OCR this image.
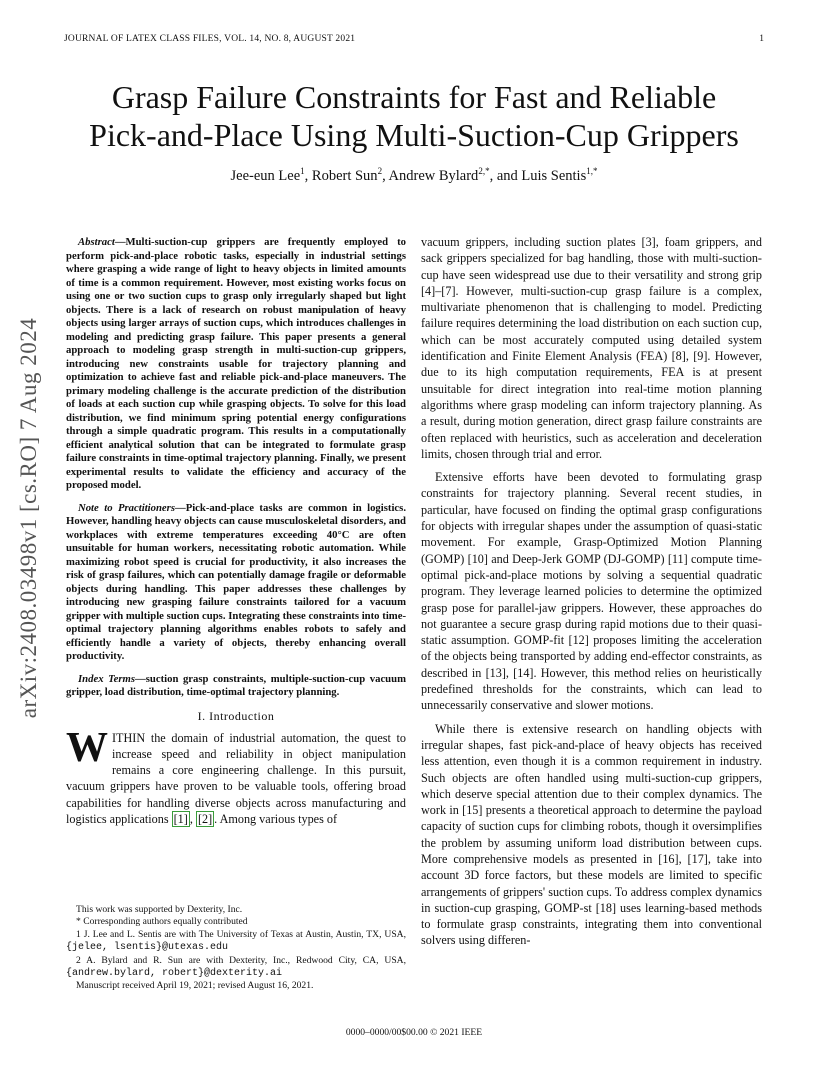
JOURNAL OF LATEX CLASS FILES, VOL. 14, NO. 8, AUGUST 2021	1
arXiv:2408.03498v1 [cs.RO] 7 Aug 2024
Grasp Failure Constraints for Fast and Reliable
Pick-and-Place Using Multi-Suction-Cup Grippers
Jee-eun Lee$^1$, Robert Sun$^2$, Andrew Bylard$^{2,*}$, and Luis Sentis$^{1,*}$

Abstract—Multi-suction-cup grippers are frequently employed to perform pick-and-place robotic tasks, especially in industrial settings where grasping a wide range of light to heavy objects in limited amounts of time is a common requirement. However, most existing works focus on using one or two suction cups to grasp only irregularly shaped but light objects. There is a lack of research on robust manipulation of heavy objects using larger arrays of suction cups, which introduces challenges in modeling and predicting grasp failure. This paper presents a general approach to modeling grasp strength in multi-suction-cup grippers, introducing new constraints usable for trajectory planning and optimization to achieve fast and reliable pick-and-place maneuvers. The primary modeling challenge is the accurate prediction of the distribution of loads at each suction cup while grasping objects. To solve for this load distribution, we find minimum spring potential energy configurations through a simple quadratic program. This results in a computationally efficient analytical solution that can be integrated to formulate grasp failure constraints in time-optimal trajectory planning. Finally, we present experimental results to validate the efficiency and accuracy of the proposed model.

Note to Practitioners—Pick-and-place tasks are common in logistics. However, handling heavy objects can cause musculoskeletal disorders, and workplaces with extreme temperatures exceeding 40°C are often unsuitable for human workers, necessitating robotic automation. While maximizing robot speed is crucial for productivity, it also increases the risk of grasp failures, which can potentially damage fragile or deformable objects during handling. This paper addresses these challenges by introducing new grasping failure constraints tailored for a vacuum gripper with multiple suction cups. Integrating these constraints into time-optimal trajectory planning algorithms enables robots to safely and efficiently handle a variety of objects, thereby enhancing overall productivity.

Index Terms—suction grasp constraints, multiple-suction-cup vacuum gripper, load distribution, time-optimal trajectory planning.

I. Introduction

WITHIN the domain of industrial automation, the quest to increase speed and reliability in object manipulation remains a core engineering challenge. In this pursuit, vacuum grippers have proven to be valuable tools, offering broad capabilities for handling diverse objects across manufacturing and logistics applications [1] , [2] . Among various types of

This work was supported by Dexterity, Inc.
* Corresponding authors equally contributed
1 J. Lee and L. Sentis are with The University of Texas at Austin, Austin, TX, USA, {jelee, lsentis}@utexas.edu
2 A. Bylard and R. Sun are with Dexterity, Inc., Redwood City, CA, USA, {andrew.bylard, robert}@dexterity.ai
Manuscript received April 19, 2021; revised August 16, 2021.

vacuum grippers, including suction plates [3], foam grippers, and sack grippers specialized for bag handling, those with multi-suction-cup have seen widespread use due to their versatility and strong grip [4]–[7]. However, multi-suction-cup grasp failure is a complex, multivariate phenomenon that is challenging to model. Predicting failure requires determining the load distribution on each suction cup, which can be most accurately computed using detailed system identification and Finite Element Analysis (FEA) [8], [9]. However, due to its high computation requirements, FEA is at present unsuitable for direct integration into real-time motion planning algorithms where grasp modeling can inform trajectory planning. As a result, during motion generation, direct grasp failure constraints are often replaced with heuristics, such as acceleration and deceleration limits, chosen through trial and error.

Extensive efforts have been devoted to formulating grasp constraints for trajectory planning. Several recent studies, in particular, have focused on finding the optimal grasp configurations for objects with irregular shapes under the assumption of quasi-static movement. For example, Grasp-Optimized Motion Planning (GOMP) [10] and Deep-Jerk GOMP (DJ-GOMP) [11] compute time-optimal pick-and-place motions by solving a sequential quadratic program. They leverage learned policies to determine the optimized grasp pose for parallel-jaw grippers. However, these approaches do not guarantee a secure grasp during rapid motions due to their quasi-static assumption. GOMP-fit [12] proposes limiting the acceleration of the objects being transported by adding end-effector constraints, as described in [13], [14]. However, this method relies on heuristically predefined thresholds for the constraints, which can lead to unnecessarily conservative and slower motions.

While there is extensive research on handling objects with irregular shapes, fast pick-and-place of heavy objects has received less attention, even though it is a common requirement in industry. Such objects are often handled using multi-suction-cup grippers, which deserve special attention due to their complex dynamics. The work in [15] presents a theoretical approach to determine the payload capacity of suction cups for climbing robots, though it oversimplifies the problem by assuming uniform load distribution between cups. More comprehensive models as presented in [16], [17], take into account 3D force factors, but these models are limited to specific arrangements of grippers' suction cups. To address complex dynamics in suction-cup grasping, GOMP-st [18] uses learning-based methods to formulate grasp constraints, integrating them into conventional solvers using differen-

0000–0000/00$00.00 © 2021 IEEE
